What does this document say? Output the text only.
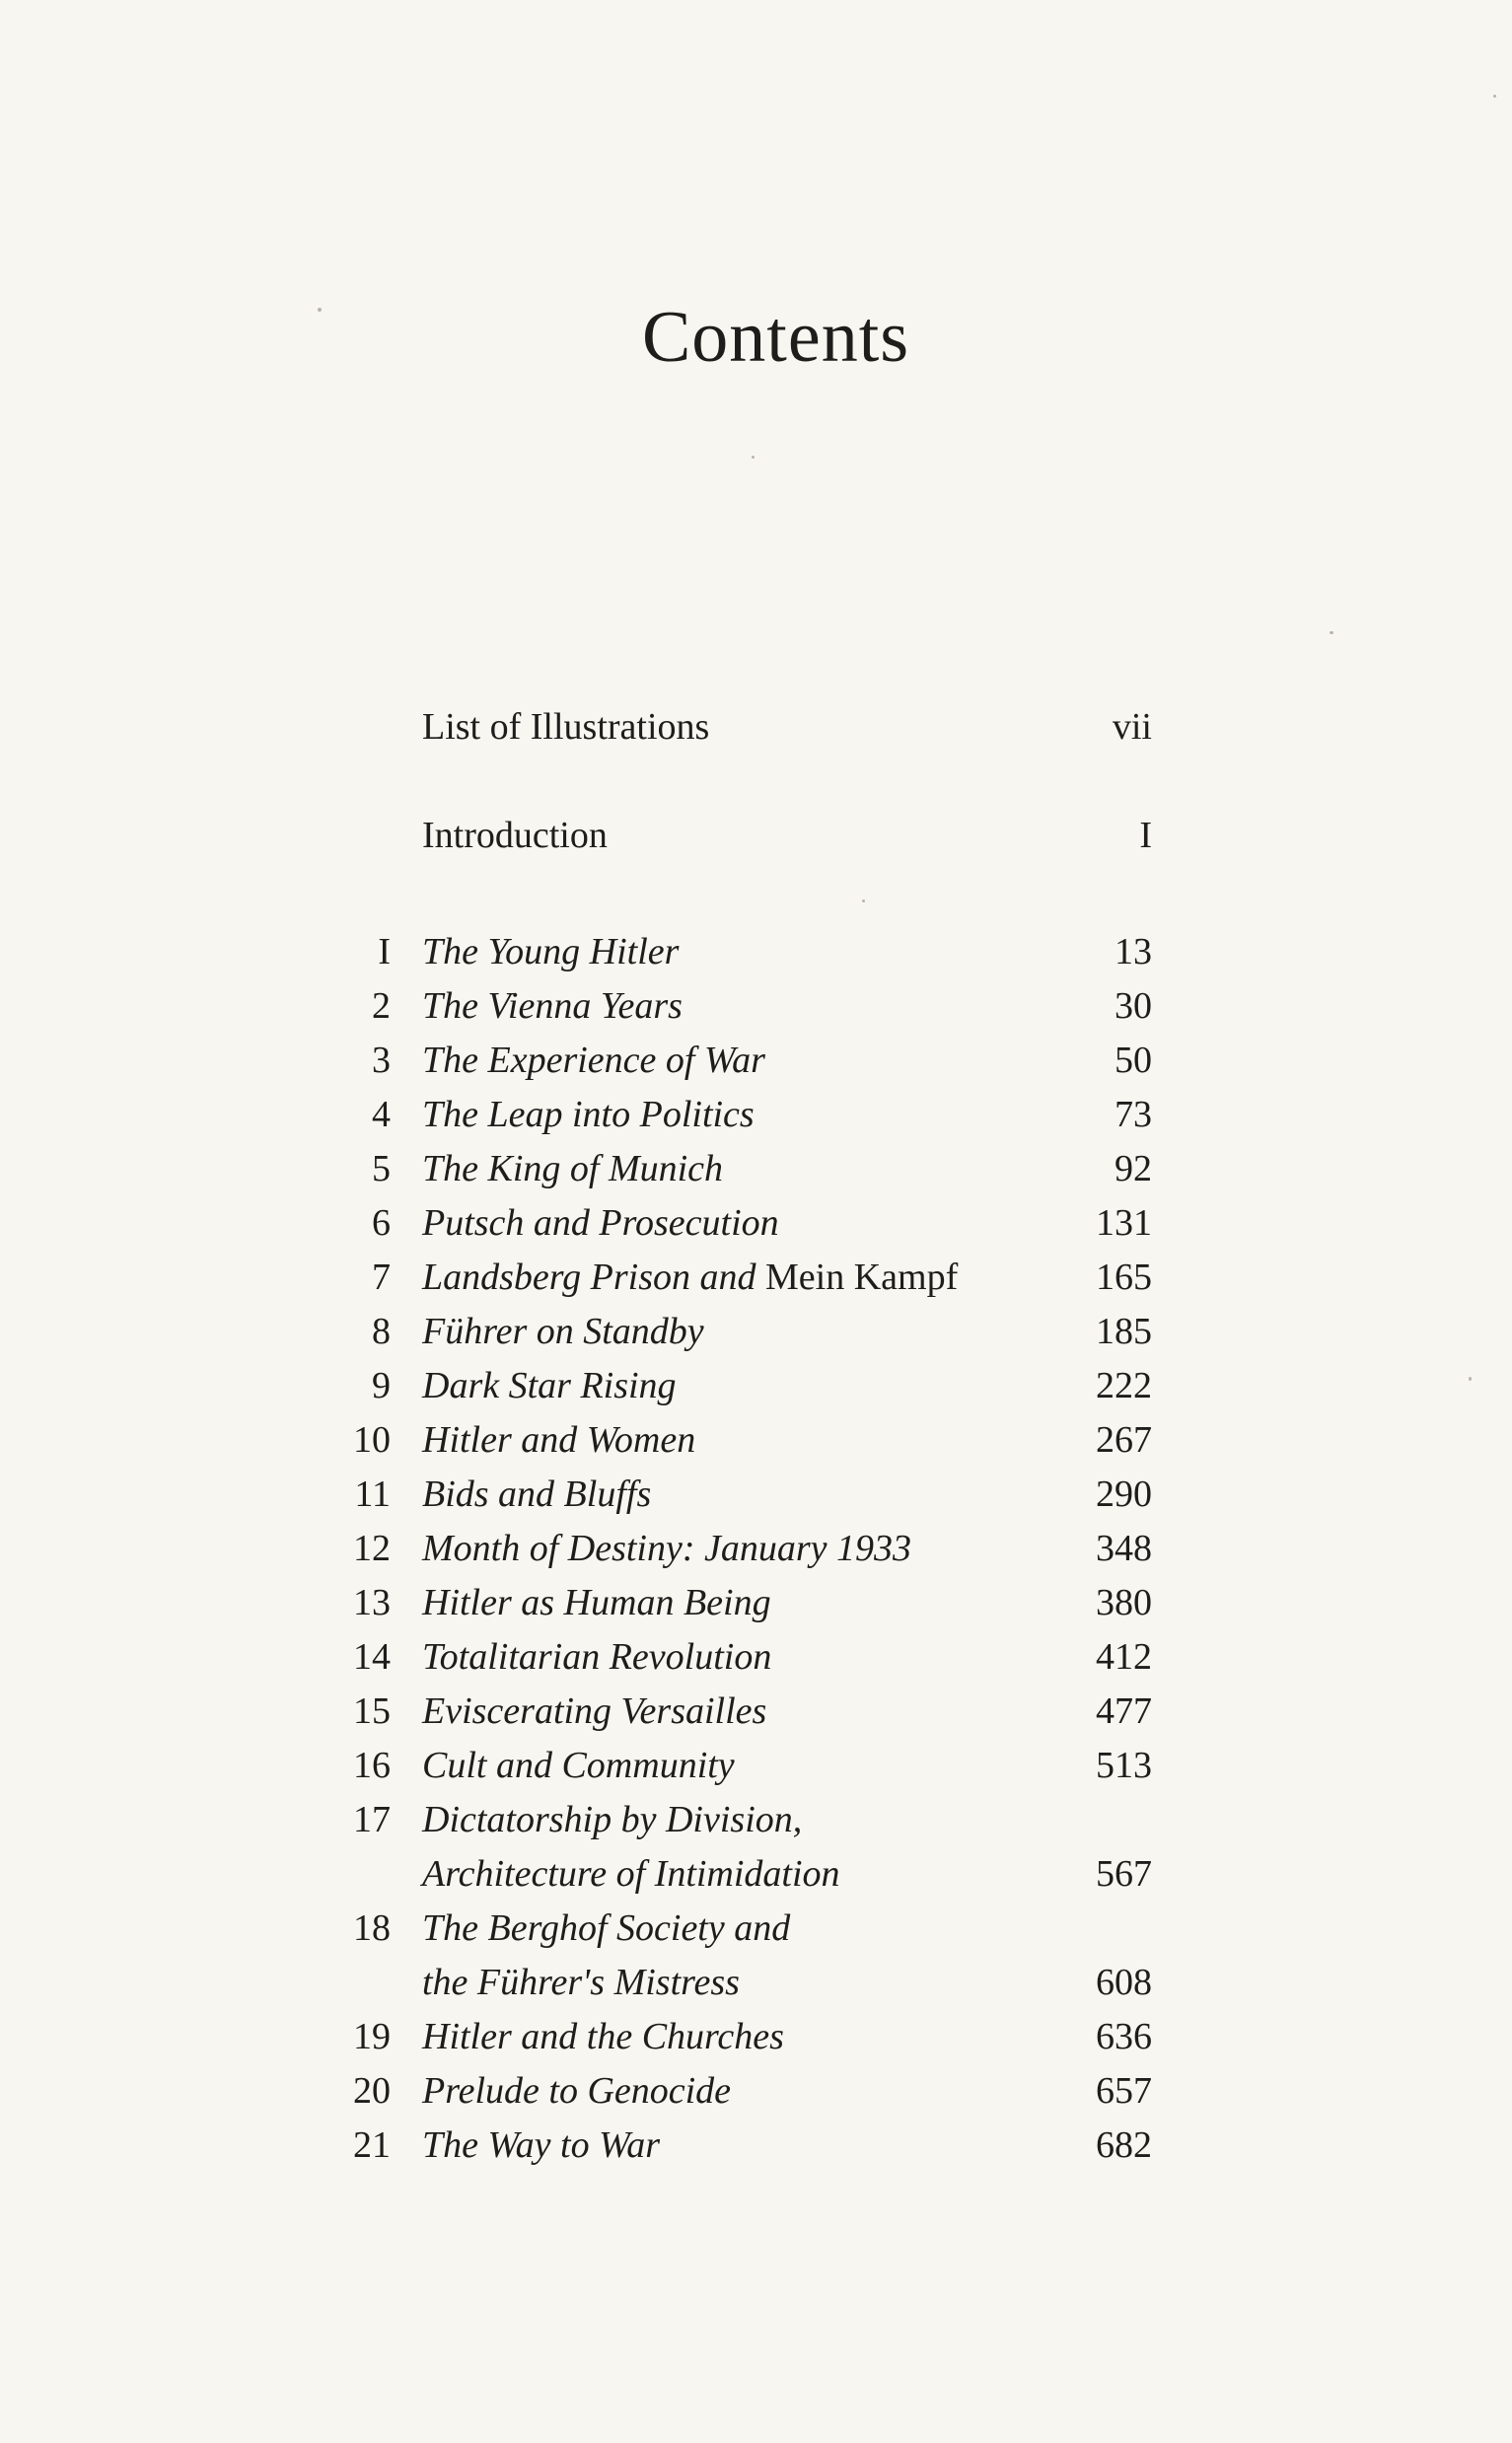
Contents
List of Illustrations	vii
Introduction	I
I The Young Hitler	13
2 The Vienna Years	30
3 The Experience of War	50
4 The Leap into Politics	73
5 The King of Munich	92
6 Putsch and Prosecution	131
7 Landsberg Prison and Mein Kampf	165
8 Führer on Standby	185
9 Dark Star Rising	222
10 Hitler and Women	267
11 Bids and Bluffs	290
12 Month of Destiny: January 1933	348
13 Hitler as Human Being	380
14 Totalitarian Revolution	412
15 Eviscerating Versailles	477
16 Cult and Community	513
17 Dictatorship by Division,
Architecture of Intimidation	567
18 The Berghof Society and
the Führer's Mistress	608
19 Hitler and the Churches	636
20 Prelude to Genocide	657
21 The Way to War	682
